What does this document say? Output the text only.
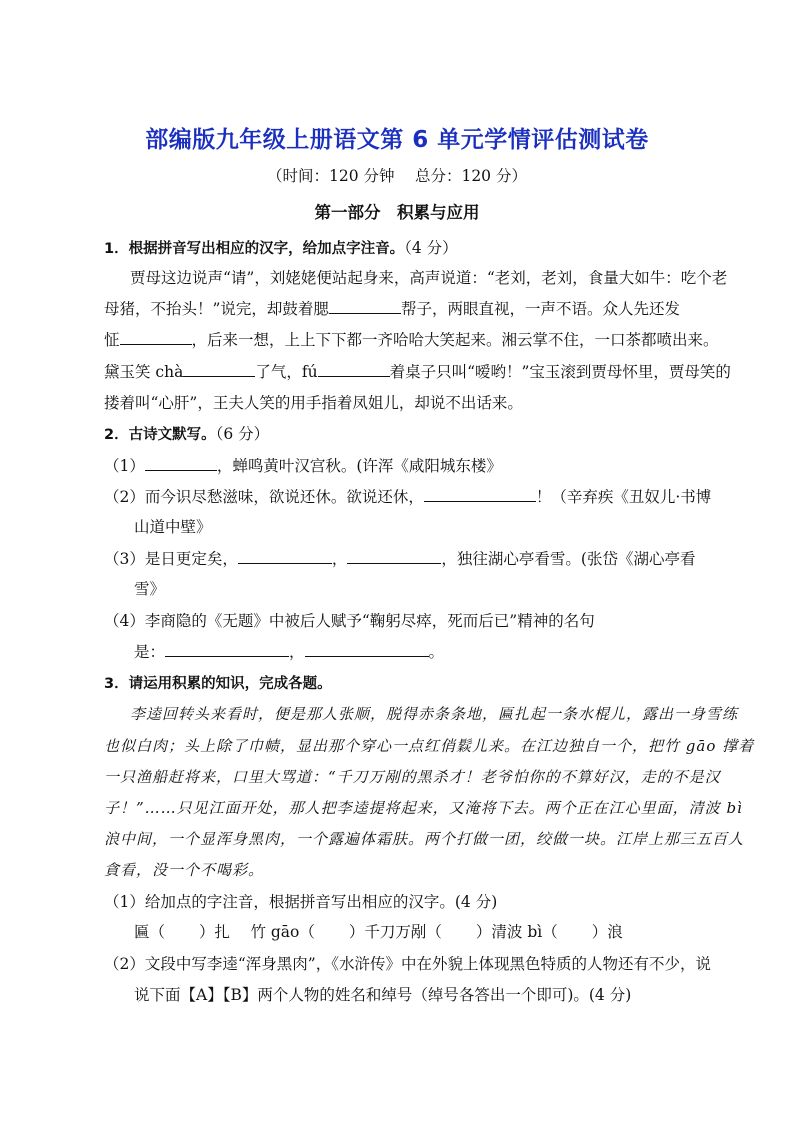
部编版九年级上册语文第 6 单元学情评估测试卷
（时间：120 分钟　 总分：120 分）
第一部分　积累与应用
1．根据拼音写出相应的汉字，给加点字注音。（4 分）
贾母这边说声“请”，刘姥姥便站起身来，高声说道：“老刘，老刘，食量大如牛：吃个老
母猪，不抬头！”说完，却鼓着腮	帮子，两眼直视，一声不语。众人先还发
怔	，后来一想，上上下下都一齐哈哈大笑起来。湘云掌不住，一口茶都喷出来。
黛玉笑 chà	了气，fú	着桌子只叫“嗳哟！”宝玉滚到贾母怀里，贾母笑的
搂着叫“心肝”，王夫人笑的用手指着凤姐儿，却说不出话来。
2．古诗文默写。（6 分）
（1）	，蝉鸣黄叶汉宫秋。(许浑《咸阳城东楼》
（2）而今识尽愁滋味，欲说还休。欲说还休，	！（辛弃疾《丑奴儿·书博
山道中壁》
（3）是日更定矣，	，	，独往湖心亭看雪。(张岱《湖心亭看
雪》
（4）李商隐的《无题》中被后人赋予“鞠躬尽瘁，死而后已”精神的名句
是：	，	。
3．请运用积累的知识，完成各题。
李逵回转头来看时，便是那人张顺，脱得赤条条地，匾扎起一条水棍儿，露出一身雪练
也似白肉；头上除了巾帻，显出那个穿心一点红俏鬏儿来。在江边独自一个，把竹 gāo 撑着
一只渔船赶将来，口里大骂道：“千刀万剐的黑杀才！老爷怕你的不算好汉，走的不是汉
子！”……只见江面开处，那人把李逵提将起来，又淹将下去。两个正在江心里面，清波 bì
浪中间，一个显浑身黑肉，一个露遍体霜肤。两个打做一团，绞做一块。江岸上那三五百人
貪看，没一个不喝彩。
（1）给加点的字注音，根据拼音写出相应的汉字。(4 分)
匾（ ）扎　 竹 gāo（ ）千刀万剐（ ）清波 bì（ ）浪
（2）文段中写李逵“浑身黑肉”，《水浒传》中在外貌上体现黑色特质的人物还有不少，说
说下面【A】【B】两个人物的姓名和绰号（绰号各答出一个即可)。(4 分)
